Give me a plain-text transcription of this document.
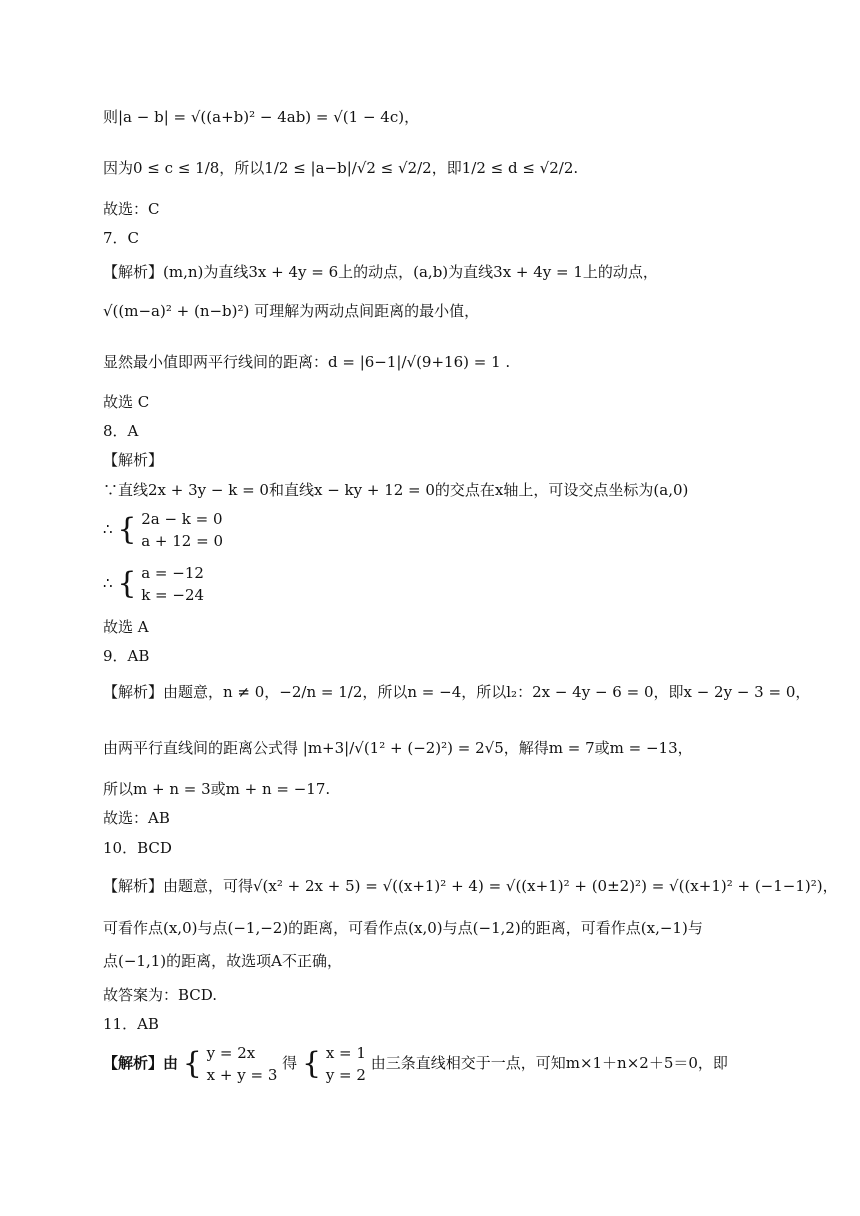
则|a − b| = √((a+b)² − 4ab) = √(1 − 4c)，
因为0 ≤ c ≤ 1/8，所以1/2 ≤ |a−b|/√2 ≤ √2/2，即1/2 ≤ d ≤ √2/2.
故选：C
7．C
【解析】(m,n)为直线3x + 4y = 6上的动点，(a,b)为直线3x + 4y = 1上的动点，
√((m−a)² + (n−b)²) 可理解为两动点间距离的最小值，
显然最小值即两平行线间的距离：d = |6−1|/√(9+16) = 1 .
故选 C
8．A
【解析】
∵直线2x + 3y − k = 0和直线x − ky + 12 = 0的交点在x轴上，可设交点坐标为(a,0)
∴ { 2a − k = 0
a + 12 = 0
∴ { a = −12
k = −24
故选 A
9．AB
【解析】由题意，n ≠ 0，−2/n = 1/2，所以n = −4，所以l₂：2x − 4y − 6 = 0，即x − 2y − 3 = 0，
由两平行直线间的距离公式得 |m+3|/√(1² + (−2)²) = 2√5，解得m = 7或m = −13，
所以m + n = 3或m + n = −17.
故选：AB
10．BCD
【解析】由题意，可得√(x² + 2x + 5) = √((x+1)² + 4) = √((x+1)² + (0±2)²) = √((x+1)² + (−1−1)²)，
可看作点(x,0)与点(−1,−2)的距离，可看作点(x,0)与点(−1,2)的距离，可看作点(x,−1)与
点(−1,1)的距离，故选项A不正确，
故答案为：BCD.
11．AB
【解析】由 { y = 2x
x + y = 3
得 { x = 1
y = 2
由三条直线相交于一点，可知m×1＋n×2＋5＝0，即
